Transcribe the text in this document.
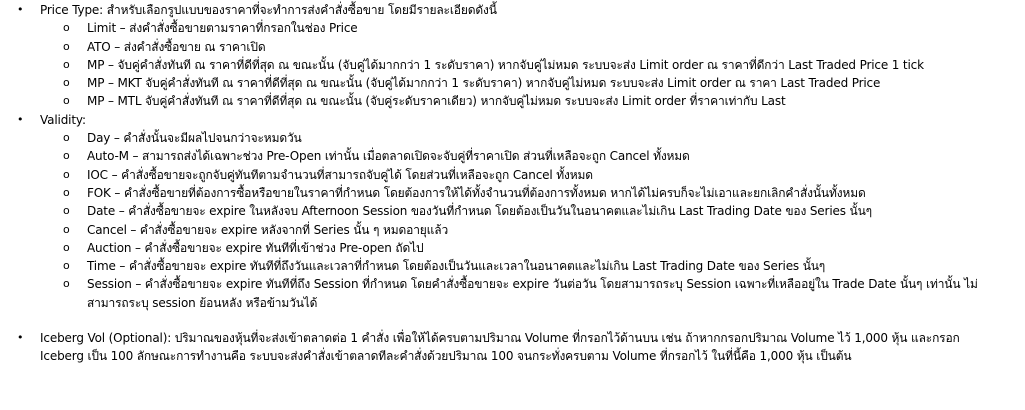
• Price Type: สำหรับเลือกรูปแบบของราคาที่จะทำการส่งคำสั่งซื้อขาย โดยมีรายละเอียดดังนี้
o Limit – ส่งคำสั่งซื้อขายตามราคาที่กรอกในช่อง Price
o ATO – ส่งคำสั่งซื้อขาย ณ ราคาเปิด
o MP – จับคู่คำสั่งทันที ณ ราคาที่ดีที่สุด ณ ขณะนั้น (จับคู่ได้มากกว่า 1 ระดับราคา) หากจับคู่ไม่หมด ระบบจะส่ง Limit order ณ ราคาที่ดีกว่า Last Traded Price 1 tick
o MP – MKT จับคู่คำสั่งทันที ณ ราคาที่ดีที่สุด ณ ขณะนั้น (จับคู่ได้มากกว่า 1 ระดับราคา) หากจับคู่ไม่หมด ระบบจะส่ง Limit order ณ ราคา Last Traded Price
o MP – MTL จับคู่คำสั่งทันที ณ ราคาที่ดีที่สุด ณ ขณะนั้น (จับคู่ระดับราคาเดียว) หากจับคู่ไม่หมด ระบบจะส่ง Limit order ที่ราคาเท่ากับ Last
• Validity:
o Day – คำสั่งนั้นจะมีผลไปจนกว่าจะหมดวัน
o Auto-M – สามารถส่งได้เฉพาะช่วง Pre-Open เท่านั้น เมื่อตลาดเปิดจะจับคู่ที่ราคาเปิด ส่วนที่เหลือจะถูก Cancel ทั้งหมด
o IOC – คำสั่งซื้อขายจะถูกจับคู่ทันทีตามจำนวนที่สามารถจับคู่ได้ โดยส่วนที่เหลือจะถูก Cancel ทั้งหมด
o FOK – คำสั่งซื้อขายที่ต้องการซื้อหรือขายในราคาที่กำหนด โดยต้องการให้ได้ทั้งจำนวนที่ต้องการทั้งหมด หากได้ไม่ครบก็จะไม่เอาและยกเลิกคำสั่งนั้นทั้งหมด
o Date – คำสั่งซื้อขายจะ expire ในหลังจบ Afternoon Session ของวันที่กำหนด โดยต้องเป็นวันในอนาคตและไม่เกิน Last Trading Date ของ Series นั้นๆ
o Cancel – คำสั่งซื้อขายจะ expire หลังจากที่ Series นั้น ๆ หมดอายุแล้ว
o Auction – คำสั่งซื้อขายจะ expire ทันทีที่เข้าช่วง Pre-open ถัดไป
o Time – คำสั่งซื้อขายจะ expire ทันทีที่ถึงวันและเวลาที่กำหนด โดยต้องเป็นวันและเวลาในอนาคตและไม่เกิน Last Trading Date ของ Series นั้นๆ
o Session – คำสั่งซื้อขายจะ expire ทันทีที่ถึง Session ที่กำหนด โดยคำสั่งซื้อขายจะ expire วันต่อวัน โดยสามารถระบุ Session เฉพาะที่เหลืออยู่ใน Trade Date นั้นๆ เท่านั้น ไม่
สามารถระบุ session ย้อนหลัง หรือข้ามวันได้
• Iceberg Vol (Optional): ปริมาณของหุ้นที่จะส่งเข้าตลาดต่อ 1 คำสั่ง เพื่อให้ได้ครบตามปริมาณ Volume ที่กรอกไว้ด้านบน เช่น ถ้าหากกรอกปริมาณ Volume ไว้ 1,000 หุ้น และกรอก
Iceberg เป็น 100 ลักษณะการทำงานคือ ระบบจะส่งคำสั่งเข้าตลาดทีละคำสั่งด้วยปริมาณ 100 จนกระทั่งครบตาม Volume ที่กรอกไว้ ในที่นี้คือ 1,000 หุ้น เป็นต้น
